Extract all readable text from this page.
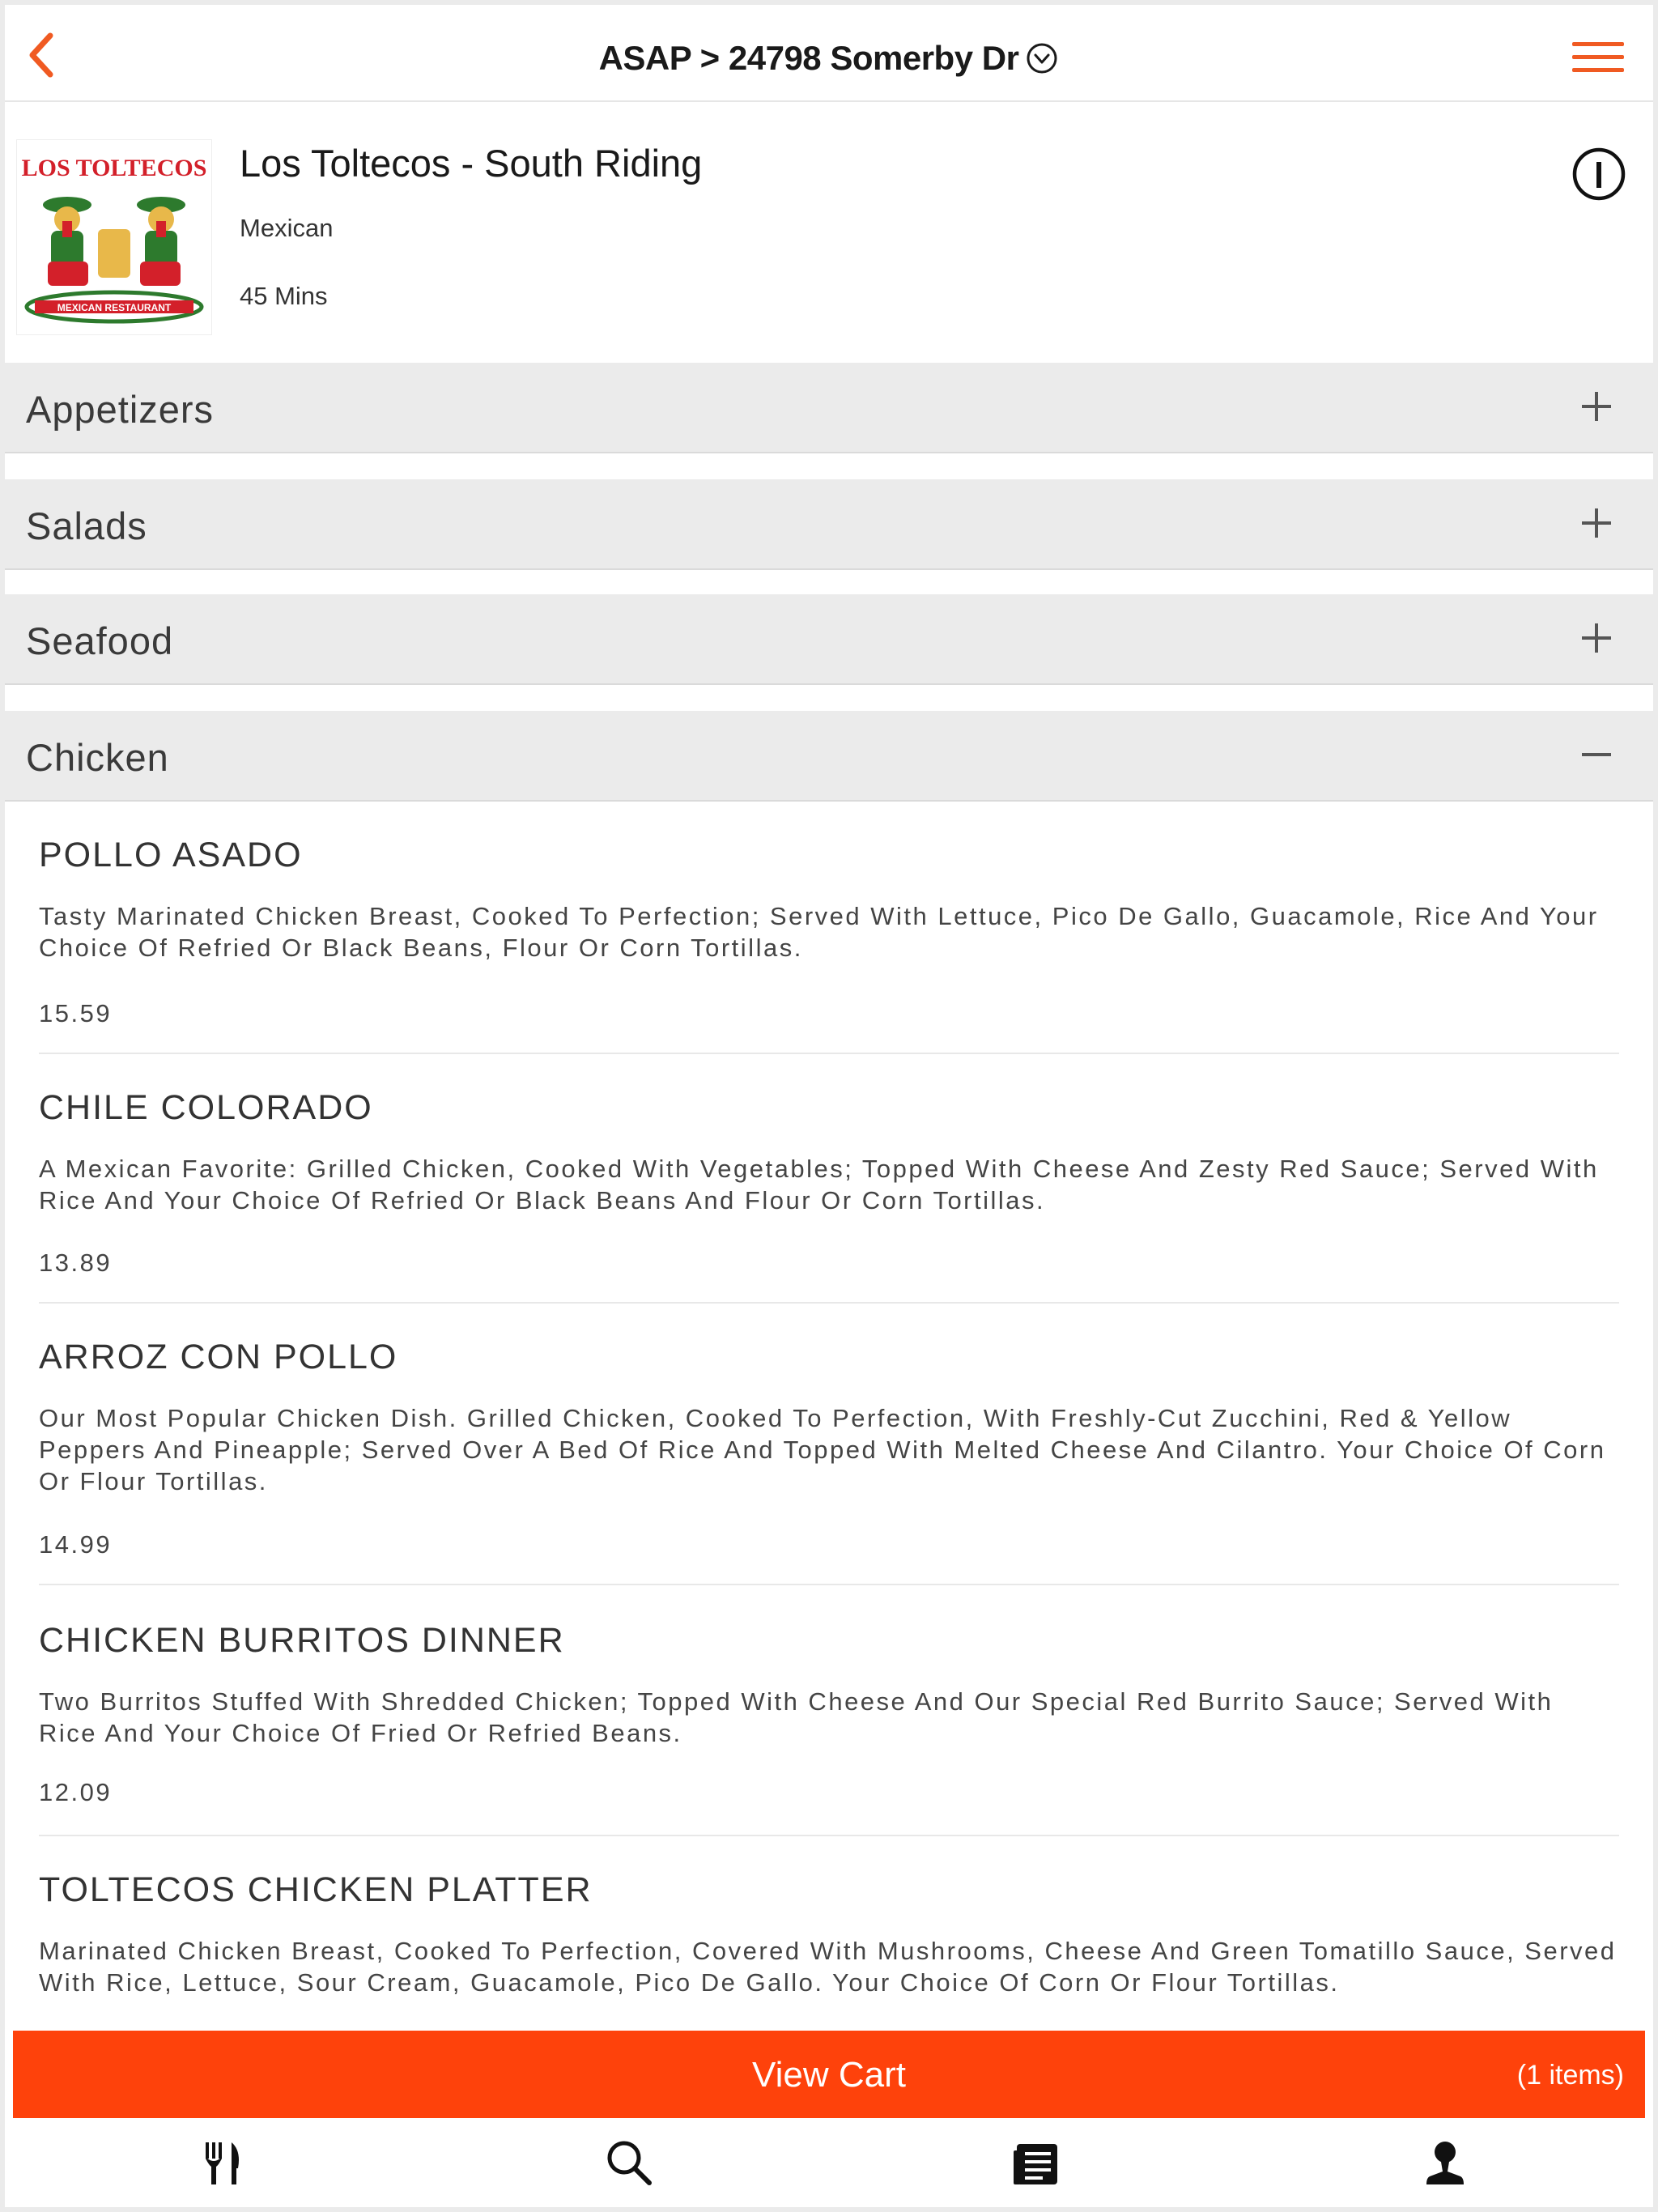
ASAP > 24798 Somerby Dr
LOS TOLTECOS
MEXICAN RESTAURANT
Los Toltecos - South Riding
Mexican
45 Mins
Appetizers
Salads
Seafood
Chicken
POLLO ASADO
Tasty Marinated Chicken Breast, Cooked To Perfection; Served With Lettuce, Pico De Gallo, Guacamole, Rice And Your Choice Of Refried Or Black Beans, Flour Or Corn Tortillas.
15.59
CHILE COLORADO
A Mexican Favorite: Grilled Chicken, Cooked With Vegetables; Topped With Cheese And Zesty Red Sauce; Served With Rice And Your Choice Of Refried Or Black Beans And Flour Or Corn Tortillas.
13.89
ARROZ CON POLLO
Our Most Popular Chicken Dish. Grilled Chicken, Cooked To Perfection, With Freshly-Cut Zucchini, Red & Yellow Peppers And Pineapple; Served Over A Bed Of Rice And Topped With Melted Cheese And Cilantro. Your Choice Of Corn Or Flour Tortillas.
14.99
CHICKEN BURRITOS DINNER
Two Burritos Stuffed With Shredded Chicken; Topped With Cheese And Our Special Red Burrito Sauce; Served With Rice And Your Choice Of Fried Or Refried Beans.
12.09
TOLTECOS CHICKEN PLATTER
Marinated Chicken Breast, Cooked To Perfection, Covered With Mushrooms, Cheese And Green Tomatillo Sauce, Served With Rice, Lettuce, Sour Cream, Guacamole, Pico De Gallo. Your Choice Of Corn Or Flour Tortillas.
View Cart	(1 items)
